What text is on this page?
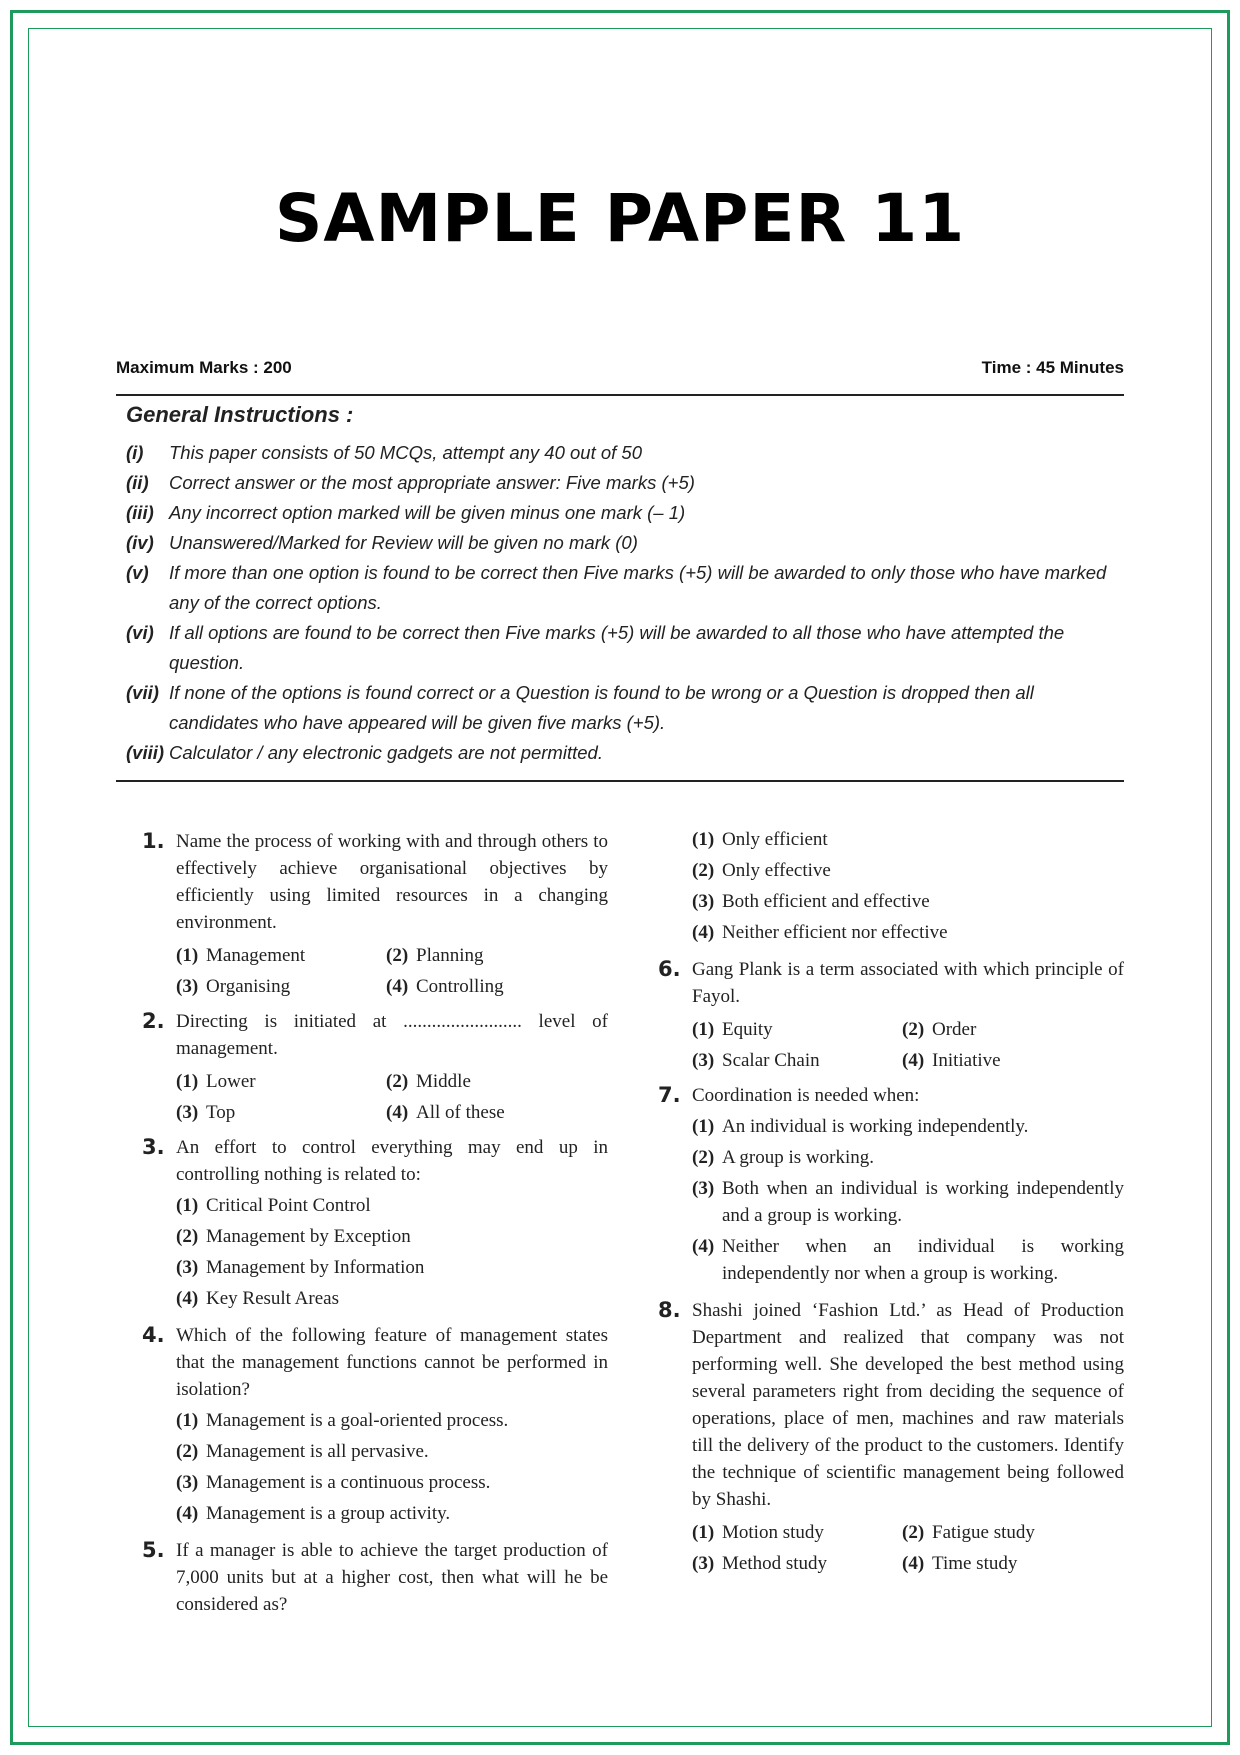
SAMPLE PAPER 11
Maximum Marks : 200	Time : 45 Minutes
General Instructions :
(i)	This paper consists of 50 MCQs, attempt any 40 out of 50
(ii)	Correct answer or the most appropriate answer: Five marks (+5)
(iii) Any incorrect option marked will be given minus one mark (– 1)
(iv) Unanswered/Marked for Review will be given no mark (0)
(v)	If more than one option is found to be correct then Five marks (+5) will be awarded to only those who have marked any of the correct options.
(vi) If all options are found to be correct then Five marks (+5) will be awarded to all those who have attempted the question.
(vii) If none of the options is found correct or a Question is found to be wrong or a Question is dropped then all candidates who have appeared will be given five marks (+5).
(viii) Calculator / any electronic gadgets are not permitted.
1. Name the process of working with and through others to effectively achieve organisational objectives by efficiently using limited resources in a changing environment.
(1) Management	(2) Planning
(3) Organising	(4) Controlling
2. Directing is initiated at ......................... level of management.
(1) Lower	(2) Middle
(3) Top	(4) All of these
3. An effort to control everything may end up in controlling nothing is related to:
(1) Critical Point Control
(2) Management by Exception
(3) Management by Information
(4) Key Result Areas
4. Which of the following feature of management states that the management functions cannot be performed in isolation?
(1) Management is a goal-oriented process.
(2) Management is all pervasive.
(3) Management is a continuous process.
(4) Management is a group activity.
5. If a manager is able to achieve the target production of 7,000 units but at a higher cost, then what will he be considered as?
(1) Only efficient
(2) Only effective
(3) Both efficient and effective
(4) Neither efficient nor effective
6. Gang Plank is a term associated with which principle of Fayol.
(1) Equity	(2) Order
(3) Scalar Chain	(4) Initiative
7. Coordination is needed when:
(1) An individual is working independently.
(2) A group is working.
(3) Both when an individual is working independently and a group is working.
(4) Neither when an individual is working independently nor when a group is working.
8. Shashi joined ‘Fashion Ltd.’ as Head of Production Department and realized that company was not performing well. She developed the best method using several parameters right from deciding the sequence of operations, place of men, machines and raw materials till the delivery of the product to the customers. Identify the technique of scientific management being followed by Shashi.
(1) Motion study	(2) Fatigue study
(3) Method study	(4) Time study
